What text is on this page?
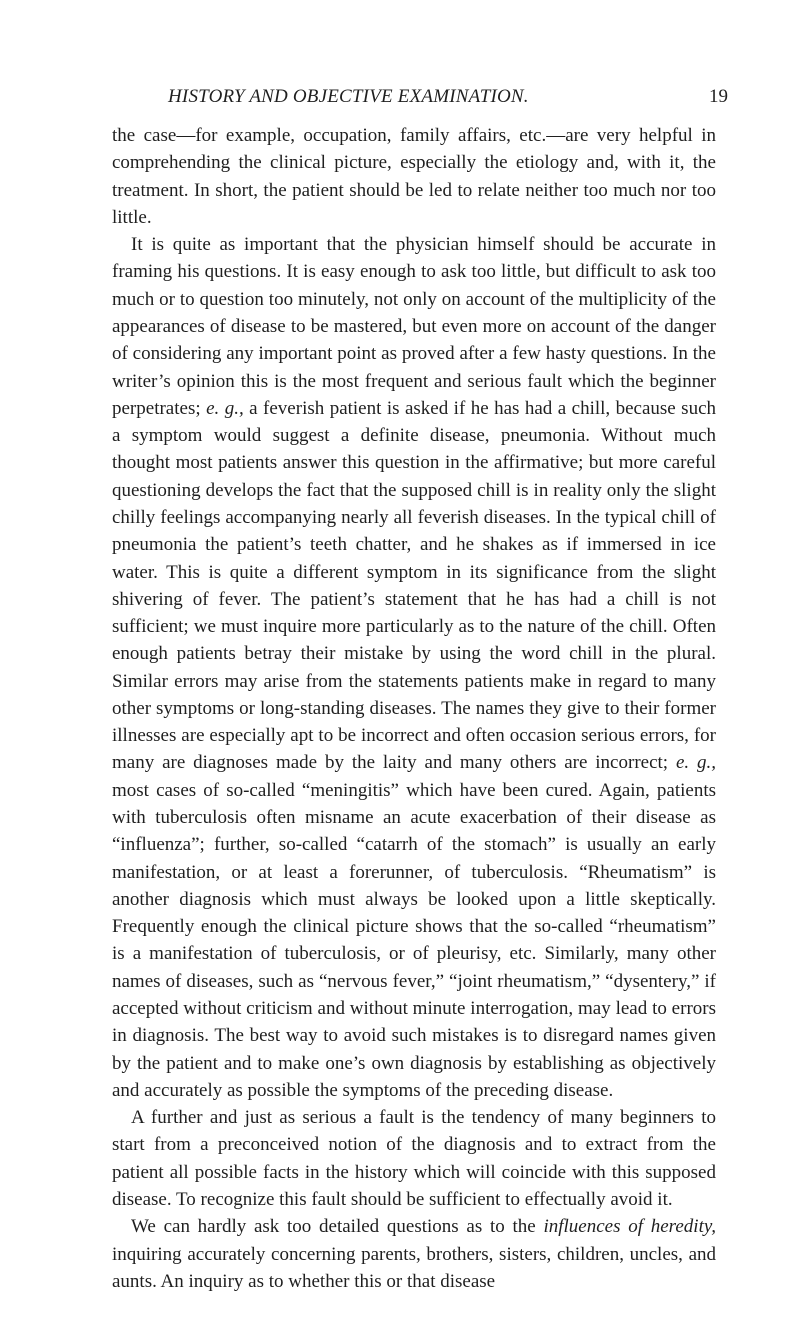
HISTORY AND OBJECTIVE EXAMINATION.	19

the case—for example, occupation, family affairs, etc.—are very helpful in comprehending the clinical picture, especially the etiology and, with it, the treatment. In short, the patient should be led to relate neither too much nor too little.

It is quite as important that the physician himself should be accurate in framing his questions. It is easy enough to ask too little, but difficult to ask too much or to question too minutely, not only on account of the multiplicity of the appearances of disease to be mastered, but even more on account of the danger of considering any important point as proved after a few hasty questions. In the writer’s opinion this is the most frequent and serious fault which the beginner perpetrates; e. g., a feverish patient is asked if he has had a chill, because such a symptom would suggest a definite disease, pneumonia. Without much thought most patients answer this question in the affirmative; but more careful questioning develops the fact that the supposed chill is in reality only the slight chilly feelings accompanying nearly all feverish diseases. In the typical chill of pneumonia the patient’s teeth chatter, and he shakes as if immersed in ice water. This is quite a different symptom in its significance from the slight shivering of fever. The patient’s statement that he has had a chill is not sufficient; we must inquire more particularly as to the nature of the chill. Often enough patients betray their mistake by using the word chill in the plural. Similar errors may arise from the statements patients make in regard to many other symptoms or long-standing diseases. The names they give to their former illnesses are especially apt to be incorrect and often occasion serious errors, for many are diagnoses made by the laity and many others are incorrect; e. g., most cases of so-called “meningitis” which have been cured. Again, patients with tuberculosis often misname an acute exacerbation of their disease as “influenza”; further, so-called “catarrh of the stomach” is usually an early manifestation, or at least a forerunner, of tuberculosis. “Rheumatism” is another diagnosis which must always be looked upon a little skeptically. Frequently enough the clinical picture shows that the so-called “rheumatism” is a manifestation of tuberculosis, or of pleurisy, etc. Similarly, many other names of diseases, such as “nervous fever,” “joint rheumatism,” “dysentery,” if accepted without criticism and without minute interrogation, may lead to errors in diagnosis. The best way to avoid such mistakes is to disregard names given by the patient and to make one’s own diagnosis by establishing as objectively and accurately as possible the symptoms of the preceding disease.

A further and just as serious a fault is the tendency of many beginners to start from a preconceived notion of the diagnosis and to extract from the patient all possible facts in the history which will coincide with this supposed disease. To recognize this fault should be sufficient to effectually avoid it.

We can hardly ask too detailed questions as to the influences of heredity, inquiring accurately concerning parents, brothers, sisters, children, uncles, and aunts. An inquiry as to whether this or that disease
